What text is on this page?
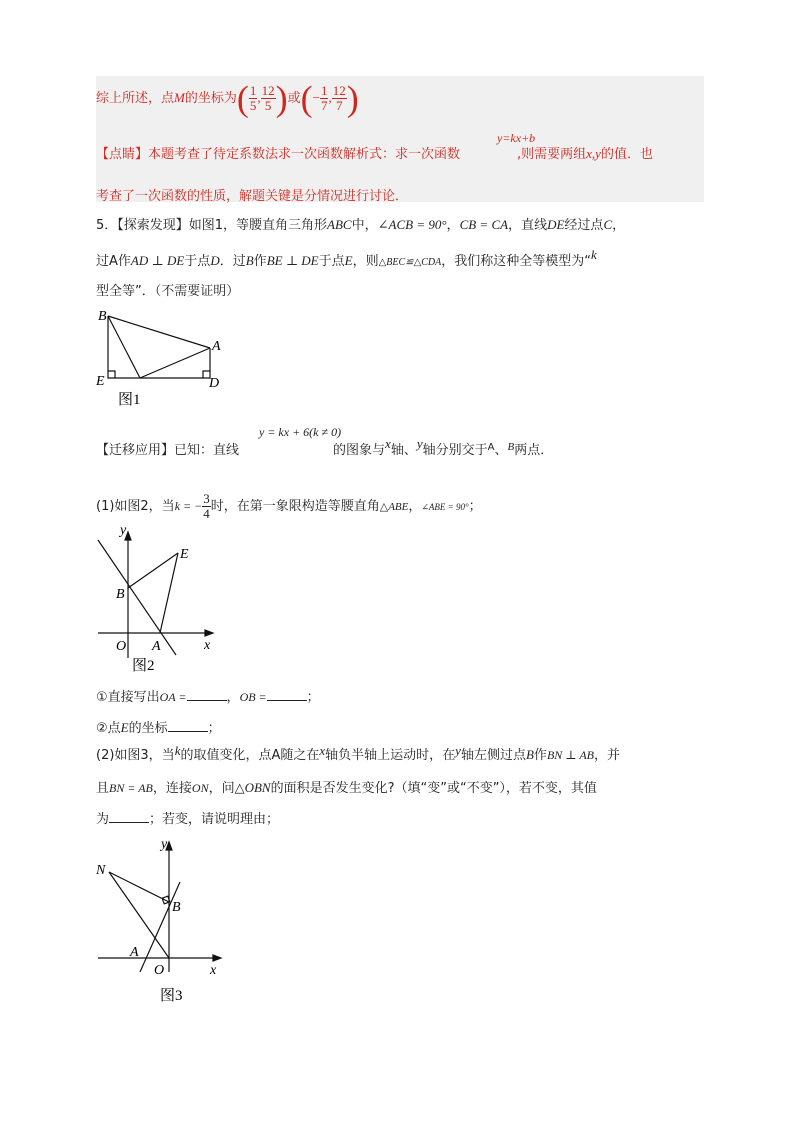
综上所述，点M的坐标为( $\frac{1}{5}$ , $\frac{12}{5}$ )或(− $\frac{1}{7}$ , $\frac{12}{7}$ )
y=kx+b
【点睛】本题考查了待定系数法求一次函数解析式：求一次函数	,则需要两组x,y的值．也
考查了一次函数的性质，解题关键是分情况进行讨论．
5．【探索发现】如图1，等腰直角三角形ABC中，∠ACB = 90°，CB = CA，直线DE经过点C，
过A作AD ⊥ DE于点D．过B作BE ⊥ DE于点E，则△BEC≌△CDA，我们称这种全等模型为“k
型全等”．（不需要证明）
B
A
E	D
图1
y = kx + 6(k ≠ 0)
【迁移应用】已知：直线	的图象与x轴、y轴分别交于$^A$、$^B$两点．
(1)如图2，当k = − $\frac{3}{4}$ 时，在第一象限构造等腰直角△ABE，∠ABE = 90°；
y
E
B
O A	x
图2
①直接写出OA =	，OB =	；
②点E的坐标	；
(2)如图3，当k的取值变化，点A随之在x轴负半轴上运动时，在y轴左侧过点B作BN ⊥ AB，并
且BN = AB，连接ON，问△OBN的面积是否发生变化?（填“变”或“不变”），若不变，其值
为	；若变，请说明理由；
y
N
B
A
O	x
图3
